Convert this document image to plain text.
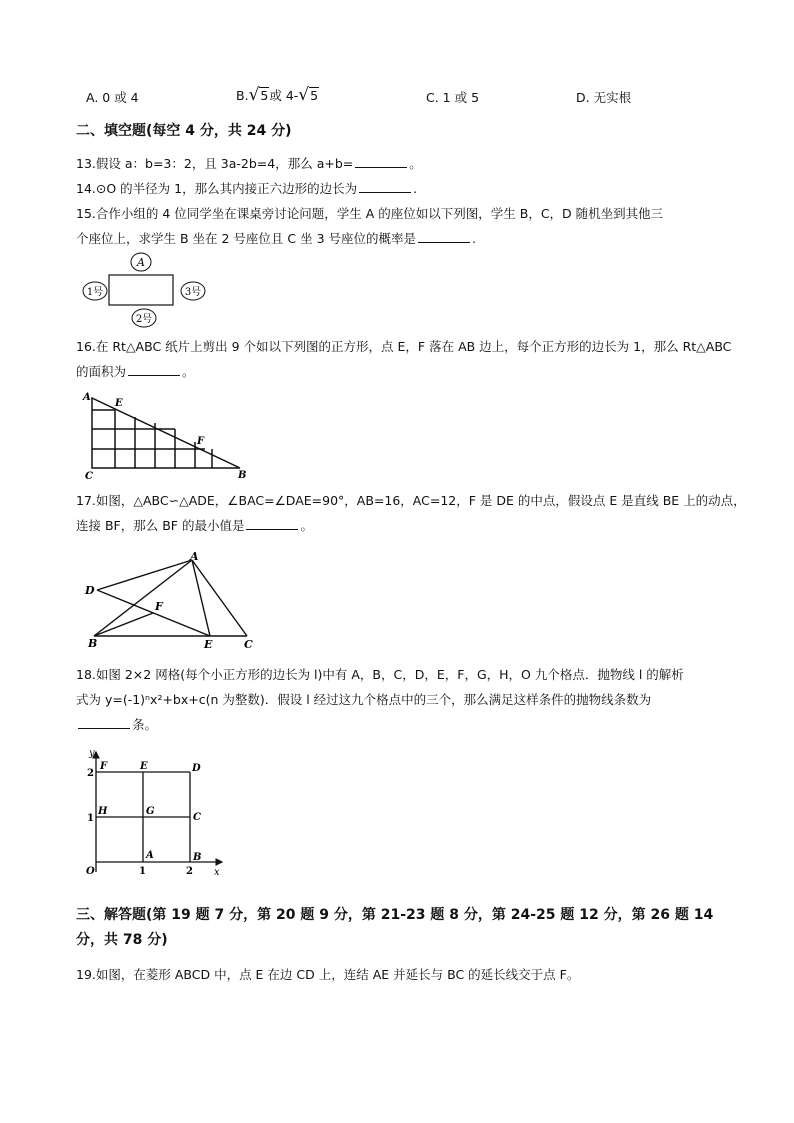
A. 0 或 4	B.√5或 4-√5	C. 1 或 5	D. 无实根
二、填空题(每空 4 分，共 24 分)
13.假设 a：b=3：2，且 3a-2b=4，那么 a+b=	。
14.⊙O 的半径为 1，那么其内接正六边形的边长为	.
15.合作小组的 4 位同学坐在课桌旁讨论问题，学生 A 的座位如以下列图，学生 B，C，D 随机坐到其他三
个座位上，求学生 B 坐在 2 号座位且 C 坐 3 号座位的概率是	.
A
1号	3号
2号
16.在 Rt△ABC 纸片上剪出 9 个如以下列图的正方形，点 E，F 落在 AB 边上，每个正方形的边长为 1，那么 Rt△ABC
的面积为	。
A
E
F
C	B
17.如图，△ABC∽△ADE，∠BAC=∠DAE=90°，AB=16，AC=12，F 是 DE 的中点，假设点 E 是直线 BE 上的动点，
连接 BF，那么 BF 的最小值是	。
A
D
F
B	E	C
18.如图 2×2 网格(每个小正方形的边长为 l)中有 A，B，C，D，E，F，G，H，O 九个格点．抛物线 l 的解析
式为 y=(-1)ⁿx²+bx+c(n 为整数)．假设 l 经过这九个格点中的三个，那么满足这样条件的抛物线条数为
条。
y
x
O
F	E	D
H	G
C
A	B
2
1
1	2
三、解答题(第 19 题 7 分，第 20 题 9 分，第 21-23 题 8 分，第 24-25 题 12 分，第 26 题 14
分，共 78 分)
19.如图，在菱形 ABCD 中，点 E 在边 CD 上，连结 AE 并延长与 BC 的延长线交于点 F。
